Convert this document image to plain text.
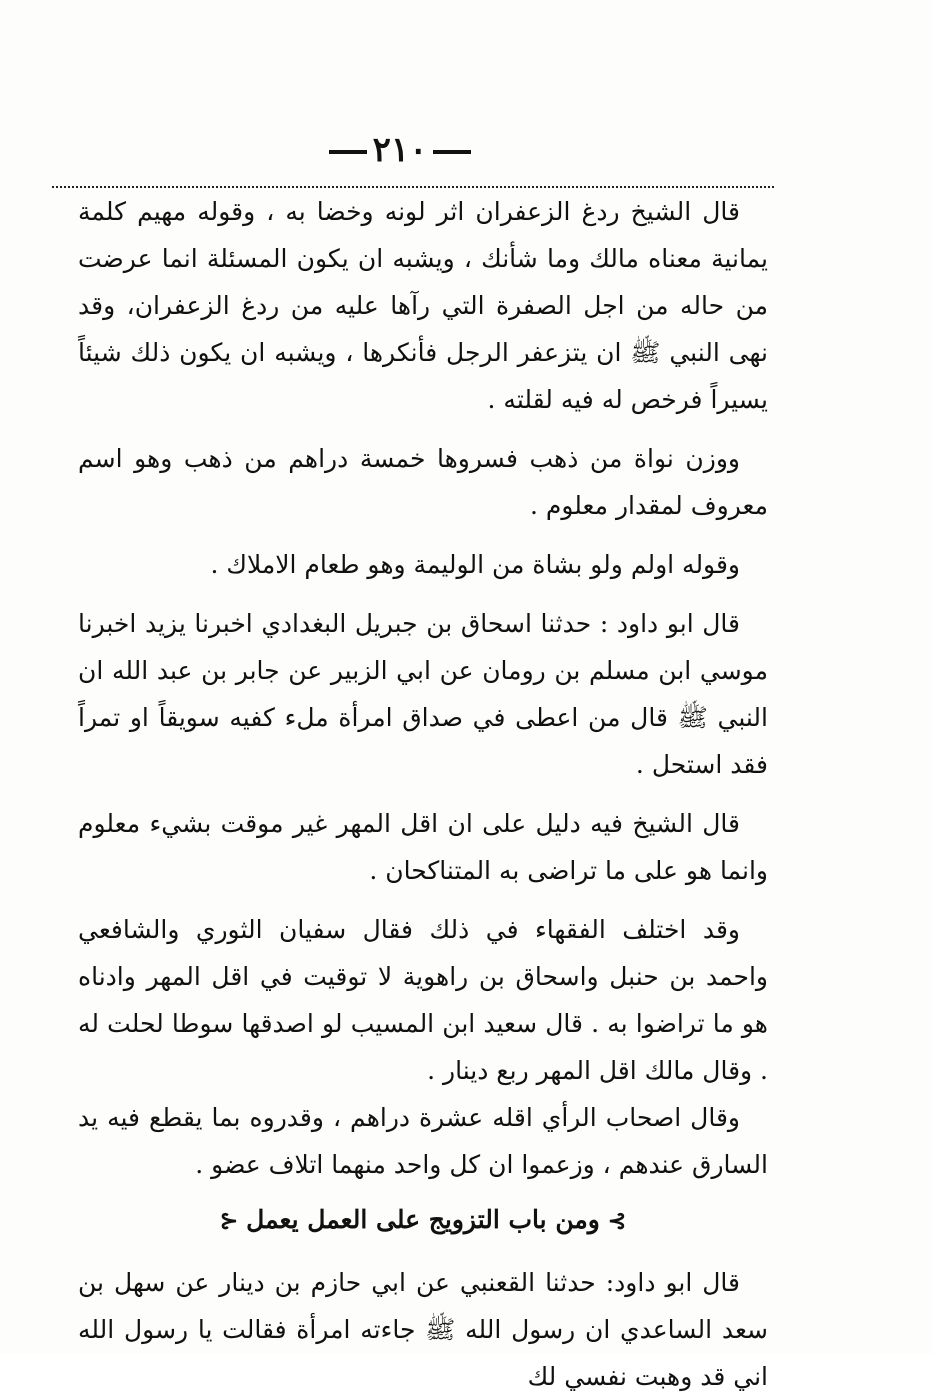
٢١٠

قال الشيخ ردغ الزعفران اثر لونه وخضا به ، وقوله مهيم كلمة يمانية معناه مالك وما شأنك ، ويشبه ان يكون المسئلة انما عرضت من حاله من اجل الصفرة التي رآها عليه من ردغ الزعفران، وقد نهى النبي ﷺ ان يتزعفر الرجل فأنكرها ، ويشبه ان يكون ذلك شيئاً يسيراً فرخص له فيه لقلته .

ووزن نواة من ذهب فسروها خمسة دراهم من ذهب وهو اسم معروف لمقدار معلوم .

وقوله اولم ولو بشاة من الوليمة وهو طعام الاملاك .

قال ابو داود : حدثنا اسحاق بن جبريل البغدادي اخبرنا يزيد اخبرنا موسي ابن مسلم بن رومان عن ابي الزبير عن جابر بن عبد الله ان النبي ﷺ قال من اعطى في صداق امرأة ملء كفيه سويقاً او تمراً فقد استحل .

قال الشيخ فيه دليل على ان اقل المهر غير موقت بشيء معلوم وانما هو على ما تراضى به المتناكحان .

وقد اختلف الفقهاء في ذلك فقال سفيان الثوري والشافعي واحمد بن حنبل واسحاق بن راهوية لا توقيت في اقل المهر وادناه هو ما تراضوا به . قال سعيد ابن المسيب لو اصدقها سوطا لحلت له . وقال مالك اقل المهر ربع دينار .

وقال اصحاب الرأي اقله عشرة دراهم ، وقدروه بما يقطع فيه يد السارق عندهم ، وزعموا ان كل واحد منهما اتلاف عضو .

⊱ومن باب التزويج على العمل يعمل⊰

قال ابو داود: حدثنا القعنبي عن ابي حازم بن دينار عن سهل بن سعد الساعدي ان رسول الله ﷺ جاءته امرأة فقالت يا رسول الله اني قد وهبت نفسي لك
